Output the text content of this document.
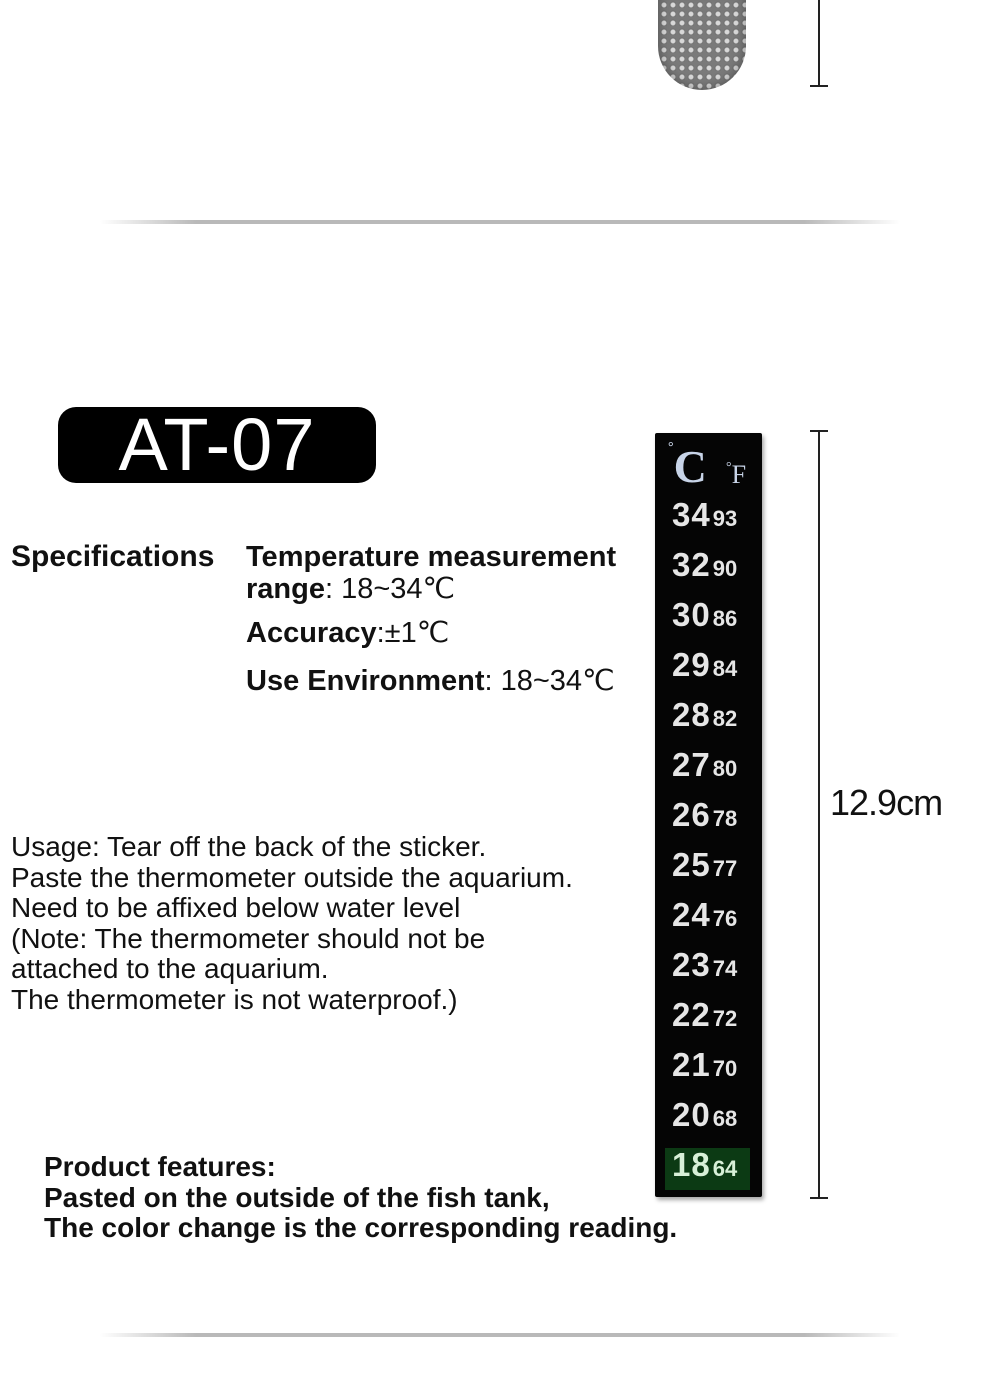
AT-07
Specifications Temperature measurement range: 18~34℃
Accuracy:±1℃
Use Environment: 18~34℃
Usage: Tear off the back of the sticker.
Paste the thermometer outside the aquarium.
Need to be affixed below water level
(Note: The thermometer should not be
attached to the aquarium.
The thermometer is not waterproof.)
Product features:
Pasted on the outside of the fish tank,
The color change is the corresponding reading.
°C °F
3493
3290
3086
2984
2882
2780
2678
2577
2476
2374
2272
2170
2068
1864
12.9cm
